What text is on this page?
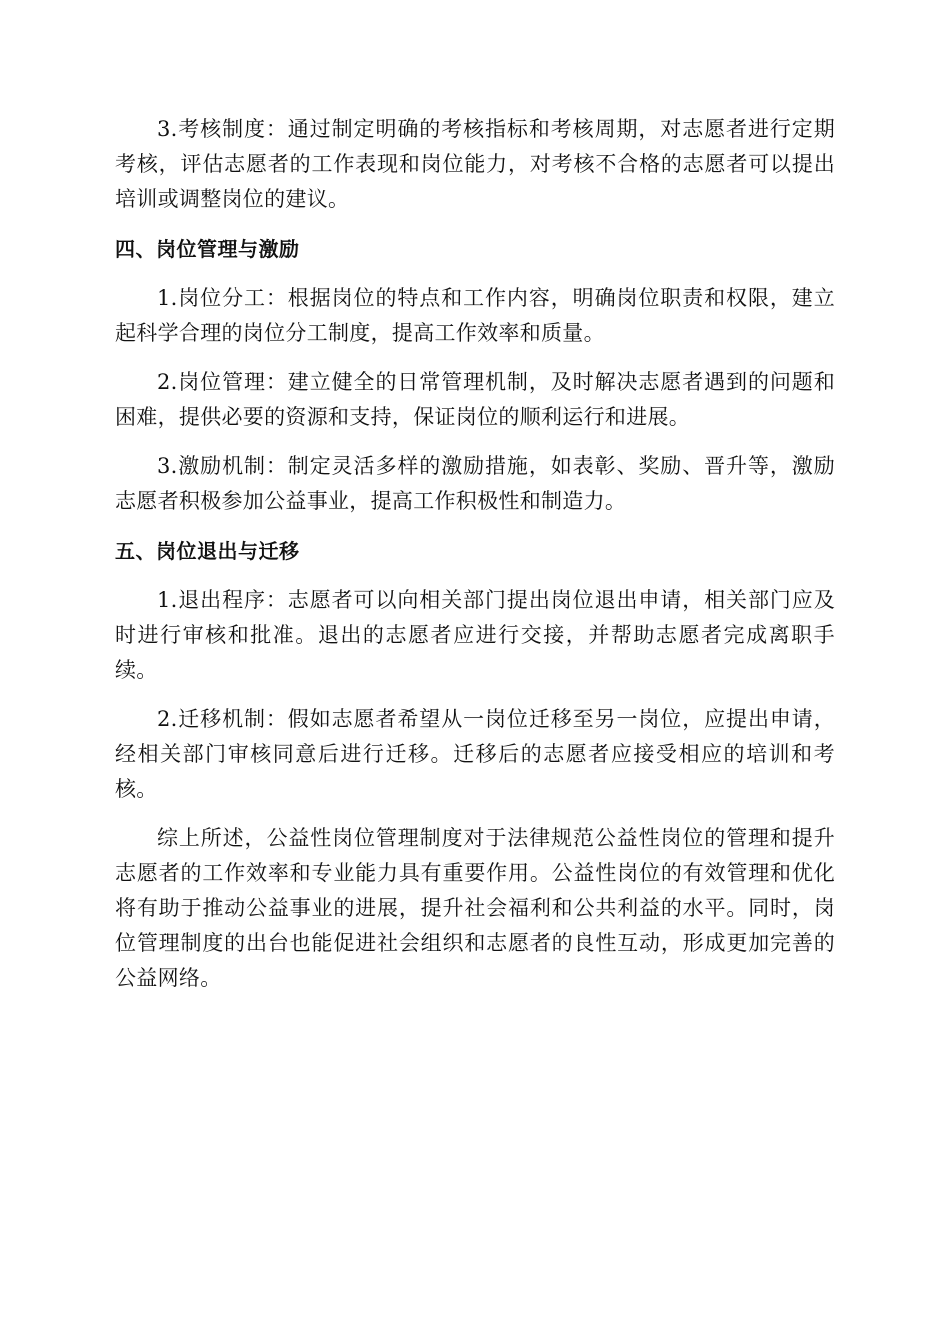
3.考核制度：通过制定明确的考核指标和考核周期，对志愿者进行定期考核，评估志愿者的工作表现和岗位能力，对考核不合格的志愿者可以提出培训或调整岗位的建议。

四、岗位管理与激励

1.岗位分工：根据岗位的特点和工作内容，明确岗位职责和权限，建立起科学合理的岗位分工制度，提高工作效率和质量。

2.岗位管理：建立健全的日常管理机制，及时解决志愿者遇到的问题和困难，提供必要的资源和支持，保证岗位的顺利运行和进展。

3.激励机制：制定灵活多样的激励措施，如表彰、奖励、晋升等，激励志愿者积极参加公益事业，提高工作积极性和制造力。

五、岗位退出与迁移

1.退出程序：志愿者可以向相关部门提出岗位退出申请，相关部门应及时进行审核和批准。退出的志愿者应进行交接，并帮助志愿者完成离职手续。

2.迁移机制：假如志愿者希望从一岗位迁移至另一岗位，应提出申请，经相关部门审核同意后进行迁移。迁移后的志愿者应接受相应的培训和考核。

综上所述，公益性岗位管理制度对于法律规范公益性岗位的管理和提升志愿者的工作效率和专业能力具有重要作用。公益性岗位的有效管理和优化将有助于推动公益事业的进展，提升社会福利和公共利益的水平。同时，岗位管理制度的出台也能促进社会组织和志愿者的良性互动，形成更加完善的公益网络。
